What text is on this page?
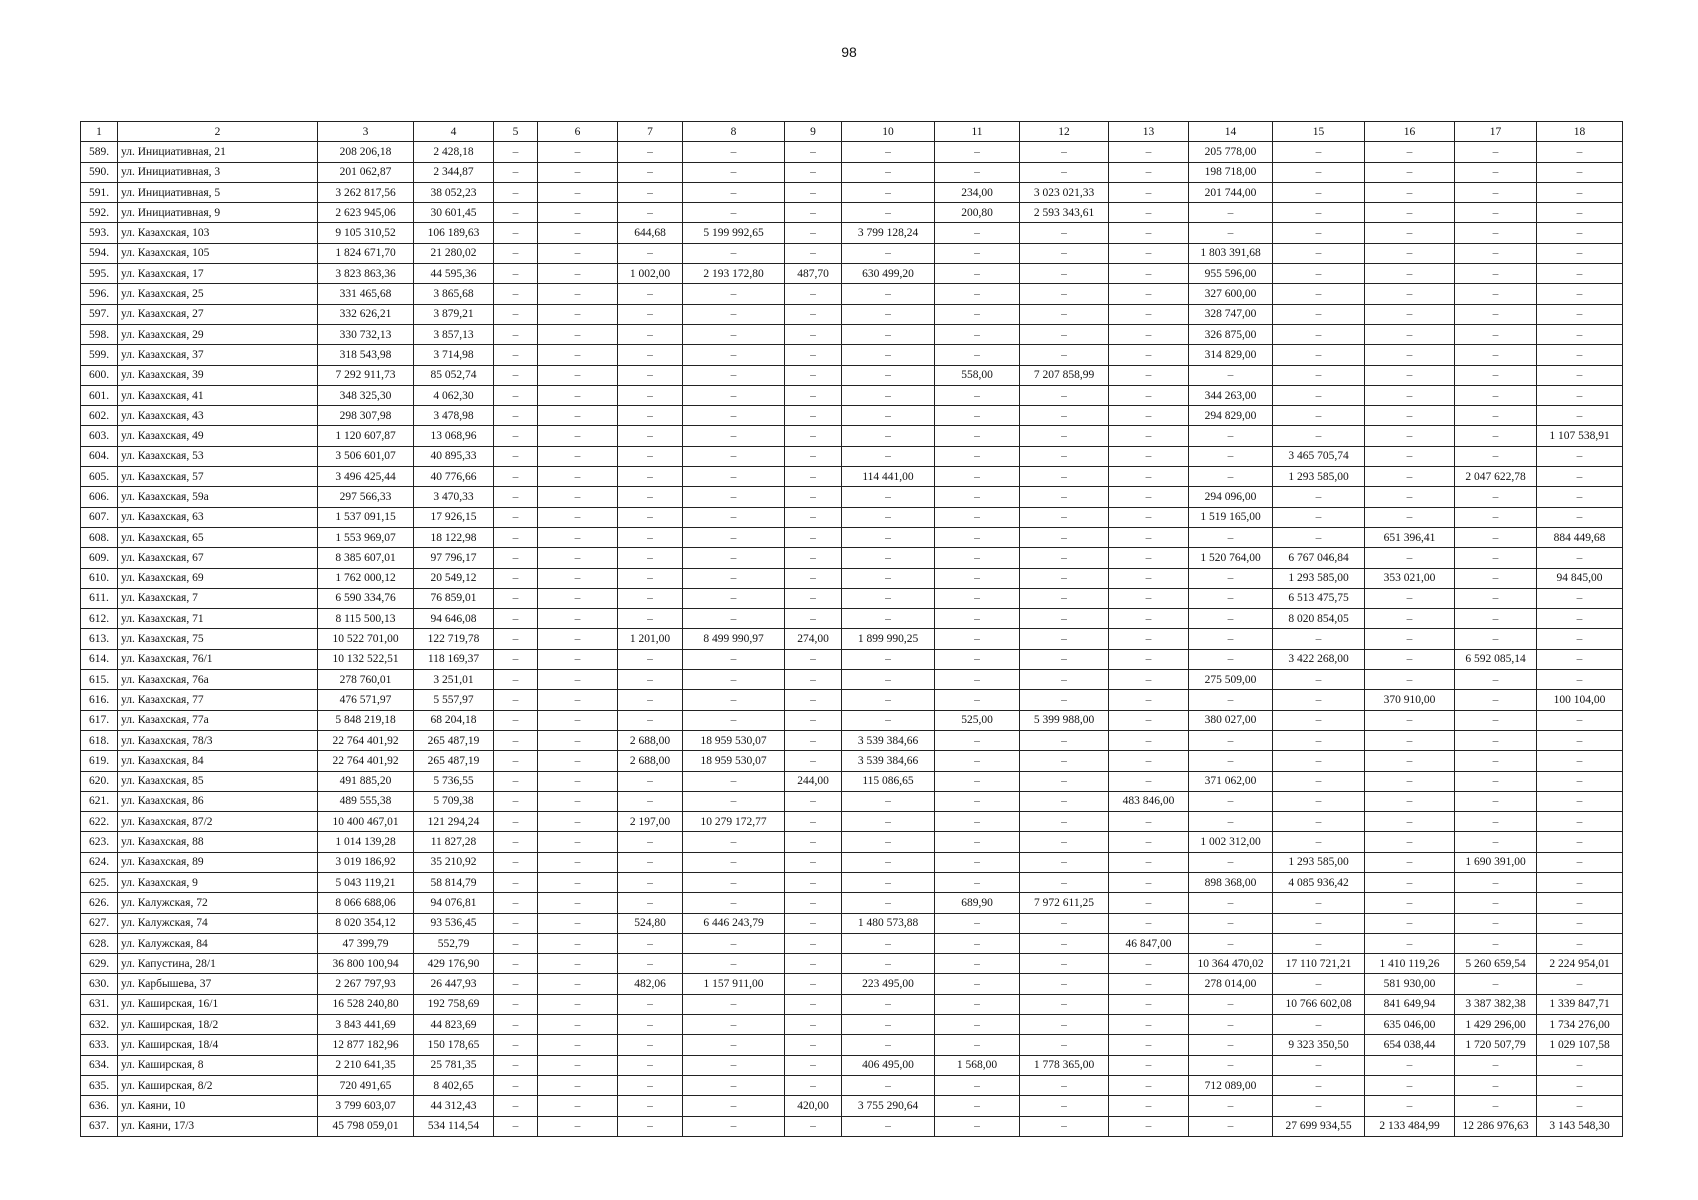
98
1	2	3	4	5	6	7	8	9	10	11	12	13	14	15	16	17	18
589.	ул. Инициативная, 21	208 206,18	2 428,18	–	–	–	–	–	–	–	–	–	205 778,00	–	–	–	–
590.	ул. Инициативная, 3	201 062,87	2 344,87	–	–	–	–	–	–	–	–	–	198 718,00	–	–	–	–
591.	ул. Инициативная, 5	3 262 817,56	38 052,23	–	–	–	–	–	–	234,00	3 023 021,33	–	201 744,00	–	–	–	–
592.	ул. Инициативная, 9	2 623 945,06	30 601,45	–	–	–	–	–	–	200,80	2 593 343,61	–	–	–	–	–	–
593.	ул. Казахская, 103	9 105 310,52	106 189,63	–	–	644,68	5 199 992,65	–	3 799 128,24	–	–	–	–	–	–	–	–
594.	ул. Казахская, 105	1 824 671,70	21 280,02	–	–	–	–	–	–	–	–	–	1 803 391,68	–	–	–	–
595.	ул. Казахская, 17	3 823 863,36	44 595,36	–	–	1 002,00	2 193 172,80	487,70	630 499,20	–	–	–	955 596,00	–	–	–	–
596.	ул. Казахская, 25	331 465,68	3 865,68	–	–	–	–	–	–	–	–	–	327 600,00	–	–	–	–
597.	ул. Казахская, 27	332 626,21	3 879,21	–	–	–	–	–	–	–	–	–	328 747,00	–	–	–	–
598.	ул. Казахская, 29	330 732,13	3 857,13	–	–	–	–	–	–	–	–	–	326 875,00	–	–	–	–
599.	ул. Казахская, 37	318 543,98	3 714,98	–	–	–	–	–	–	–	–	–	314 829,00	–	–	–	–
600.	ул. Казахская, 39	7 292 911,73	85 052,74	–	–	–	–	–	–	558,00	7 207 858,99	–	–	–	–	–	–
601.	ул. Казахская, 41	348 325,30	4 062,30	–	–	–	–	–	–	–	–	–	344 263,00	–	–	–	–
602.	ул. Казахская, 43	298 307,98	3 478,98	–	–	–	–	–	–	–	–	–	294 829,00	–	–	–	–
603.	ул. Казахская, 49	1 120 607,87	13 068,96	–	–	–	–	–	–	–	–	–	–	–	–	–	1 107 538,91
604.	ул. Казахская, 53	3 506 601,07	40 895,33	–	–	–	–	–	–	–	–	–	–	3 465 705,74	–	–	–
605.	ул. Казахская, 57	3 496 425,44	40 776,66	–	–	–	–	–	114 441,00	–	–	–	–	1 293 585,00	–	2 047 622,78	–
606.	ул. Казахская, 59а	297 566,33	3 470,33	–	–	–	–	–	–	–	–	–	294 096,00	–	–	–	–
607.	ул. Казахская, 63	1 537 091,15	17 926,15	–	–	–	–	–	–	–	–	–	1 519 165,00	–	–	–	–
608.	ул. Казахская, 65	1 553 969,07	18 122,98	–	–	–	–	–	–	–	–	–	–	–	651 396,41	–	884 449,68
609.	ул. Казахская, 67	8 385 607,01	97 796,17	–	–	–	–	–	–	–	–	–	1 520 764,00	6 767 046,84	–	–	–
610.	ул. Казахская, 69	1 762 000,12	20 549,12	–	–	–	–	–	–	–	–	–	–	1 293 585,00	353 021,00	–	94 845,00
611.	ул. Казахская, 7	6 590 334,76	76 859,01	–	–	–	–	–	–	–	–	–	–	6 513 475,75	–	–	–
612.	ул. Казахская, 71	8 115 500,13	94 646,08	–	–	–	–	–	–	–	–	–	–	8 020 854,05	–	–	–
613.	ул. Казахская, 75	10 522 701,00	122 719,78	–	–	1 201,00	8 499 990,97	274,00	1 899 990,25	–	–	–	–	–	–	–	–
614.	ул. Казахская, 76/1	10 132 522,51	118 169,37	–	–	–	–	–	–	–	–	–	–	3 422 268,00	–	6 592 085,14	–
615.	ул. Казахская, 76а	278 760,01	3 251,01	–	–	–	–	–	–	–	–	–	275 509,00	–	–	–	–
616.	ул. Казахская, 77	476 571,97	5 557,97	–	–	–	–	–	–	–	–	–	–	–	370 910,00	–	100 104,00
617.	ул. Казахская, 77а	5 848 219,18	68 204,18	–	–	–	–	–	–	525,00	5 399 988,00	–	380 027,00	–	–	–	–
618.	ул. Казахская, 78/3	22 764 401,92	265 487,19	–	–	2 688,00	18 959 530,07	–	3 539 384,66	–	–	–	–	–	–	–	–
619.	ул. Казахская, 84	22 764 401,92	265 487,19	–	–	2 688,00	18 959 530,07	–	3 539 384,66	–	–	–	–	–	–	–	–
620.	ул. Казахская, 85	491 885,20	5 736,55	–	–	–	–	244,00	115 086,65	–	–	–	371 062,00	–	–	–	–
621.	ул. Казахская, 86	489 555,38	5 709,38	–	–	–	–	–	–	–	–	483 846,00	–	–	–	–	–
622.	ул. Казахская, 87/2	10 400 467,01	121 294,24	–	–	2 197,00	10 279 172,77	–	–	–	–	–	–	–	–	–	–
623.	ул. Казахская, 88	1 014 139,28	11 827,28	–	–	–	–	–	–	–	–	–	1 002 312,00	–	–	–	–
624.	ул. Казахская, 89	3 019 186,92	35 210,92	–	–	–	–	–	–	–	–	–	–	1 293 585,00	–	1 690 391,00	–
625.	ул. Казахская, 9	5 043 119,21	58 814,79	–	–	–	–	–	–	–	–	–	898 368,00	4 085 936,42	–	–	–
626.	ул. Калужская, 72	8 066 688,06	94 076,81	–	–	–	–	–	–	689,90	7 972 611,25	–	–	–	–	–	–
627.	ул. Калужская, 74	8 020 354,12	93 536,45	–	–	524,80	6 446 243,79	–	1 480 573,88	–	–	–	–	–	–	–	–
628.	ул. Калужская, 84	47 399,79	552,79	–	–	–	–	–	–	–	–	46 847,00	–	–	–	–	–
629.	ул. Капустина, 28/1	36 800 100,94	429 176,90	–	–	–	–	–	–	–	–	–	10 364 470,02	17 110 721,21	1 410 119,26	5 260 659,54	2 224 954,01
630.	ул. Карбышева, 37	2 267 797,93	26 447,93	–	–	482,06	1 157 911,00	–	223 495,00	–	–	–	278 014,00	–	581 930,00	–	–
631.	ул. Каширская, 16/1	16 528 240,80	192 758,69	–	–	–	–	–	–	–	–	–	–	10 766 602,08	841 649,94	3 387 382,38	1 339 847,71
632.	ул. Каширская, 18/2	3 843 441,69	44 823,69	–	–	–	–	–	–	–	–	–	–	–	635 046,00	1 429 296,00	1 734 276,00
633.	ул. Каширская, 18/4	12 877 182,96	150 178,65	–	–	–	–	–	–	–	–	–	–	9 323 350,50	654 038,44	1 720 507,79	1 029 107,58
634.	ул. Каширская, 8	2 210 641,35	25 781,35	–	–	–	–	–	406 495,00	1 568,00	1 778 365,00	–	–	–	–	–	–
635.	ул. Каширская, 8/2	720 491,65	8 402,65	–	–	–	–	–	–	–	–	–	712 089,00	–	–	–	–
636.	ул. Каяни, 10	3 799 603,07	44 312,43	–	–	–	–	420,00	3 755 290,64	–	–	–	–	–	–	–	–
637.	ул. Каяни, 17/3	45 798 059,01	534 114,54	–	–	–	–	–	–	–	–	–	–	27 699 934,55	2 133 484,99	12 286 976,63	3 143 548,30
